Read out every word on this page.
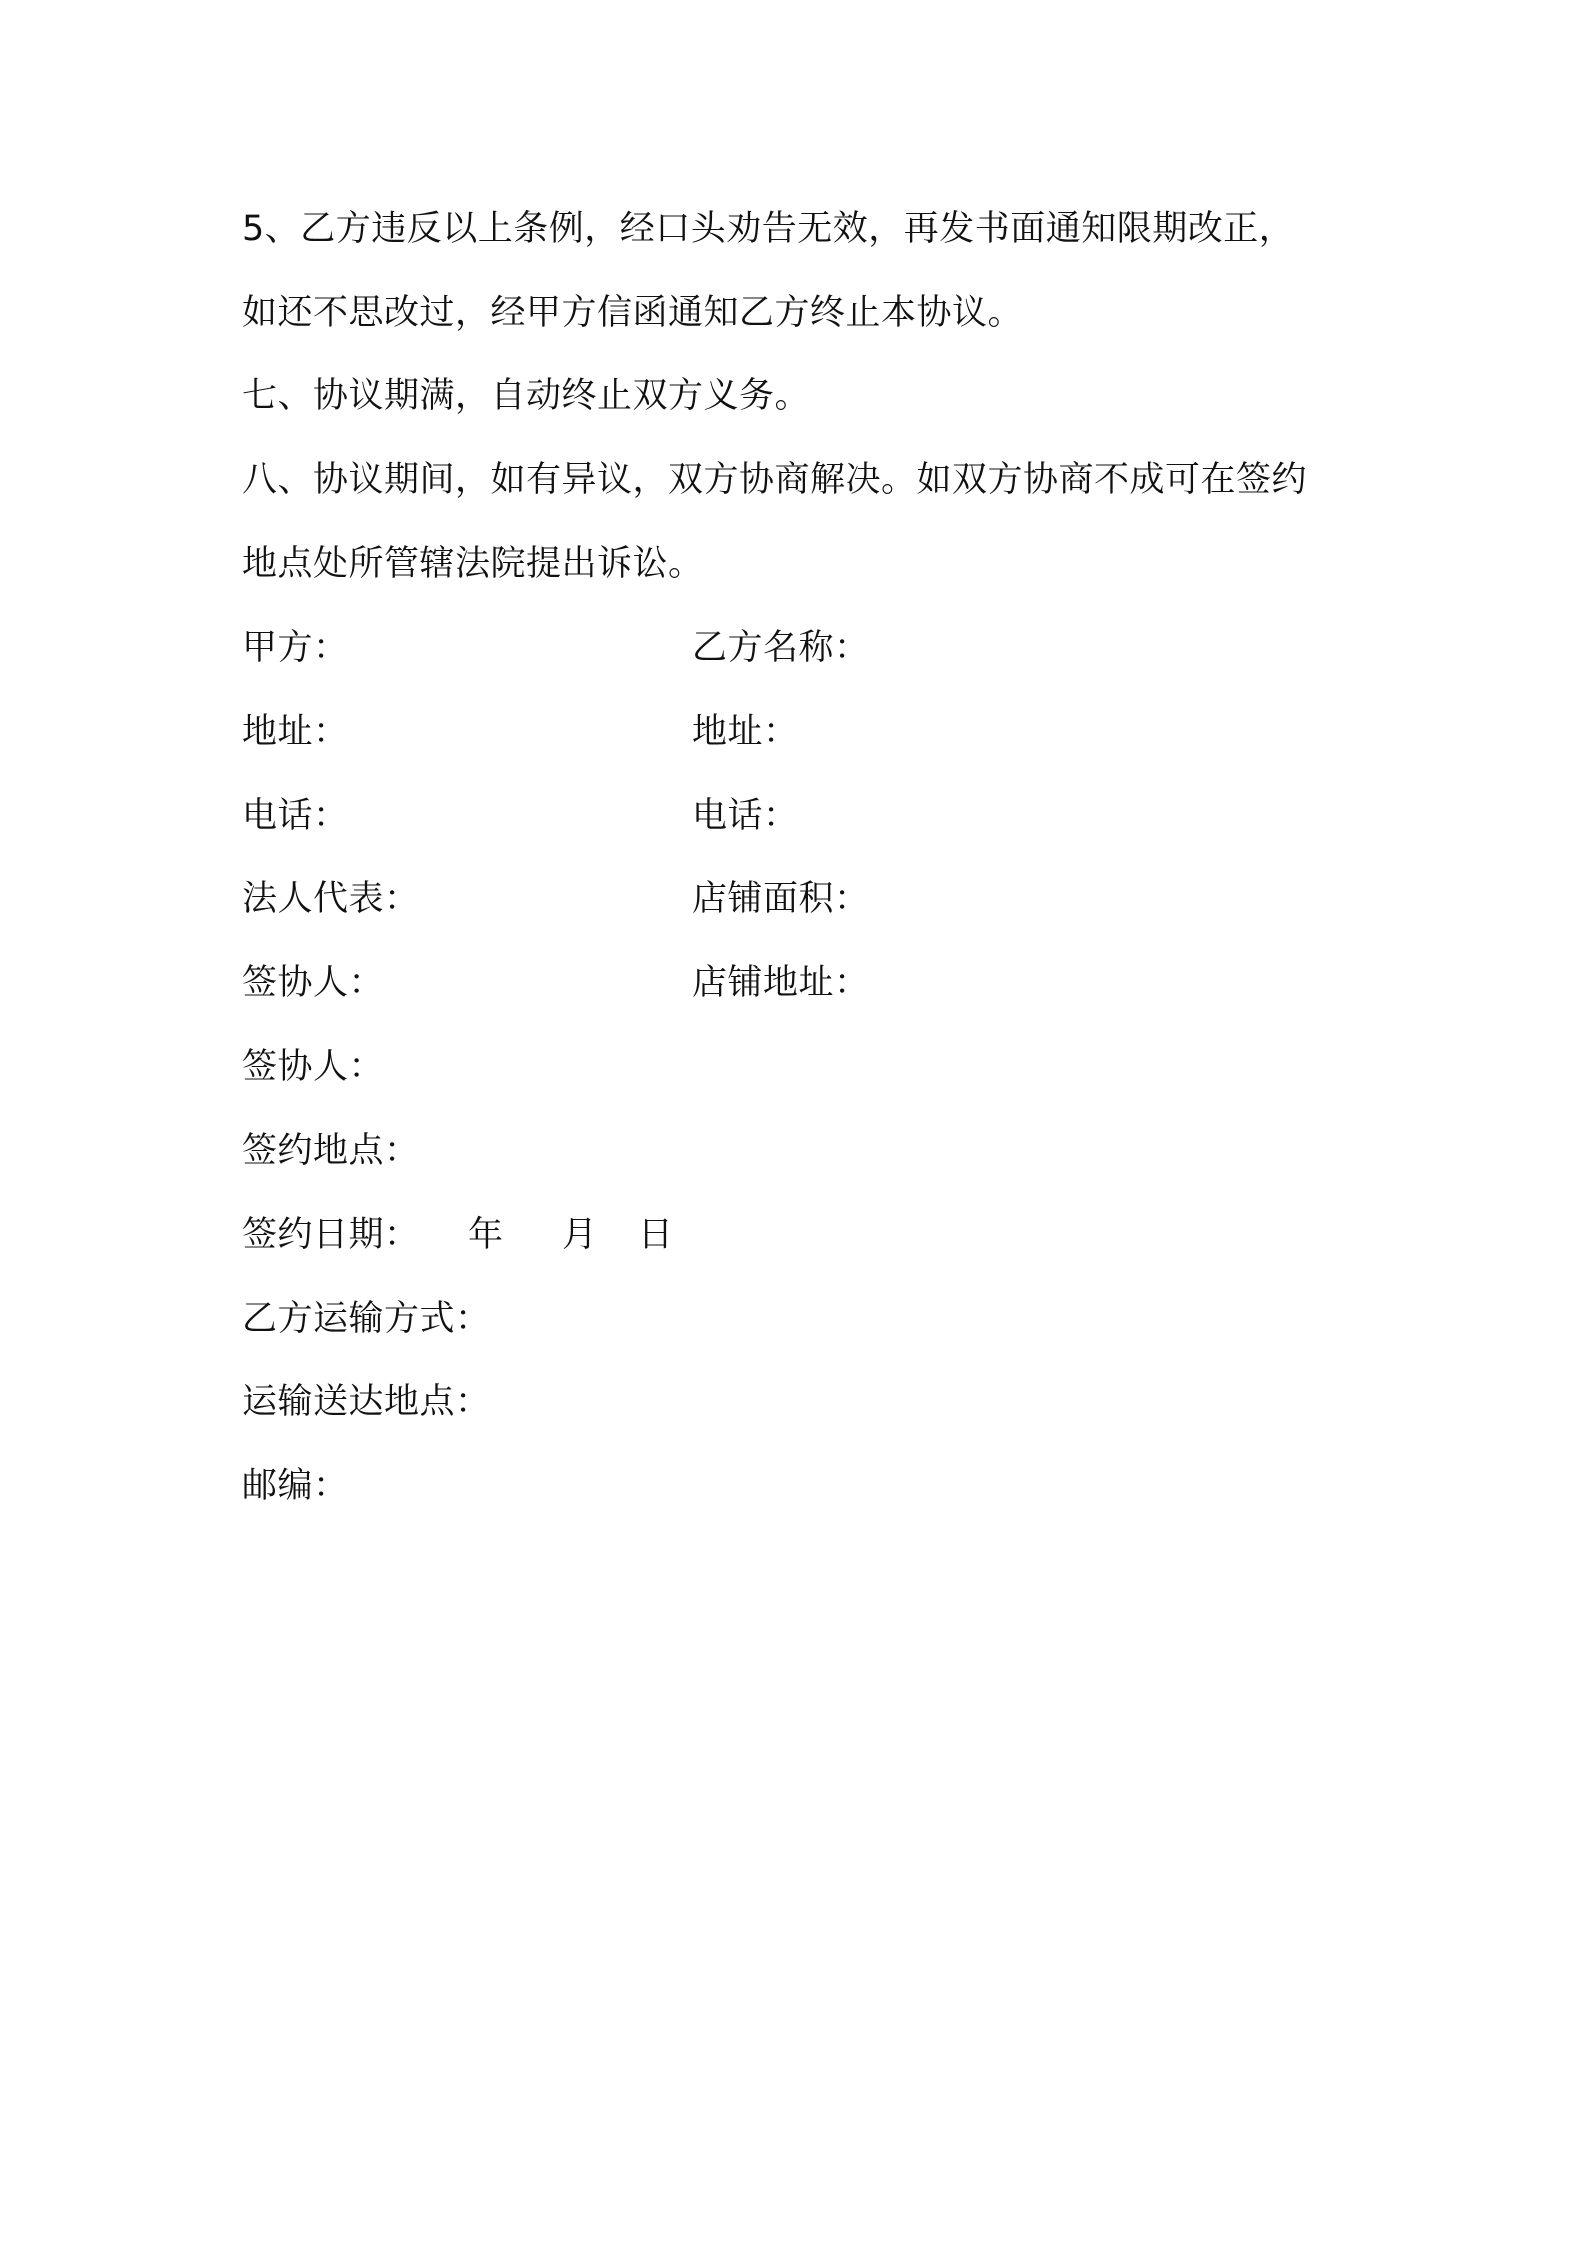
5、乙方违反以上条例，经口头劝告无效，再发书面通知限期改正，
如还不思改过，经甲方信函通知乙方终止本协议。
七、协议期满，自动终止双方义务。
八、协议期间，如有异议，双方协商解决。如双方协商不成可在签约
地点处所管辖法院提出诉讼。
甲方：
地址：
电话：
法人代表：
签协人：
签协人：
签约地点：
乙方名称：
地址：
电话：
店铺面积：
店铺地址：
签约日期： 年 月 日
乙方运输方式：
运输送达地点：
邮编：
